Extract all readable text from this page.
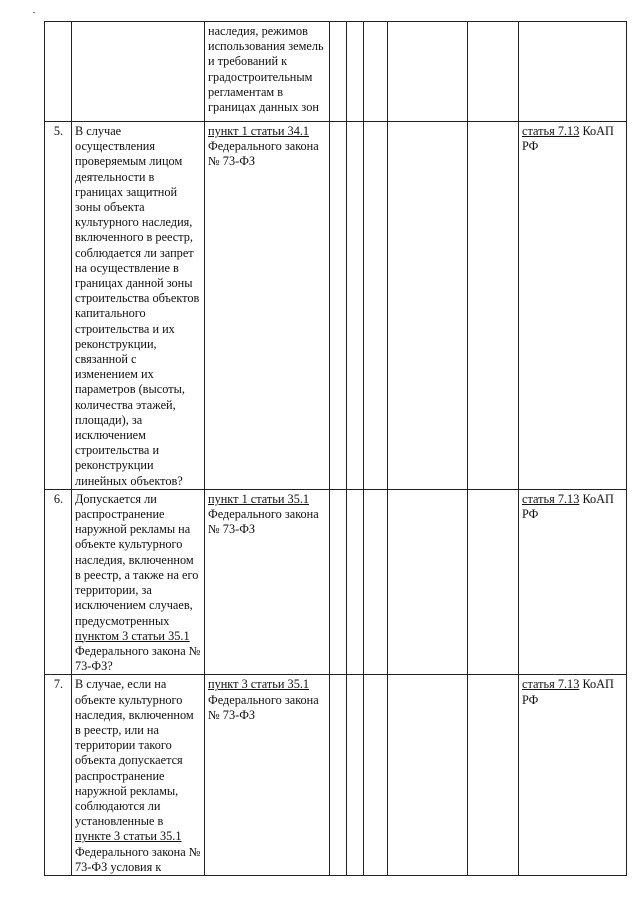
		наследия, режимов использования земель и требований к градостроительным регламентам в границах данных зон						
5.	В случае осуществления проверяемым лицом деятельности в границах защитной зоны объекта культурного наследия, включенного в реестр, соблюдается ли запрет на осуществление в границах данной зоны строительства объектов капитального строительства и их реконструкции, связанной с изменением их параметров (высоты, количества этажей, площади), за исключением строительства и реконструкции линейных объектов?	пункт 1 статьи 34.1
Федерального закона № 73-ФЗ						статья 7.13 КоАП РФ
6.	Допускается ли распространение наружной рекламы на объекте культурного наследия, включенном в реестр, а также на его территории, за исключением случаев, предусмотренных пунктом 3 статьи 35.1 Федерального закона № 73-ФЗ?	пункт 1 статьи 35.1
Федерального закона № 73-ФЗ						статья 7.13 КоАП РФ
7.	В случае, если на объекте культурного наследия, включенном в реестр, или на территории такого объекта допускается распространение наружной рекламы, соблюдаются ли установленные в пункте 3 статьи 35.1 Федерального закона № 73-ФЗ условия к	пункт 3 статьи 35.1
Федерального закона № 73-ФЗ						статья 7.13 КоАП РФ
